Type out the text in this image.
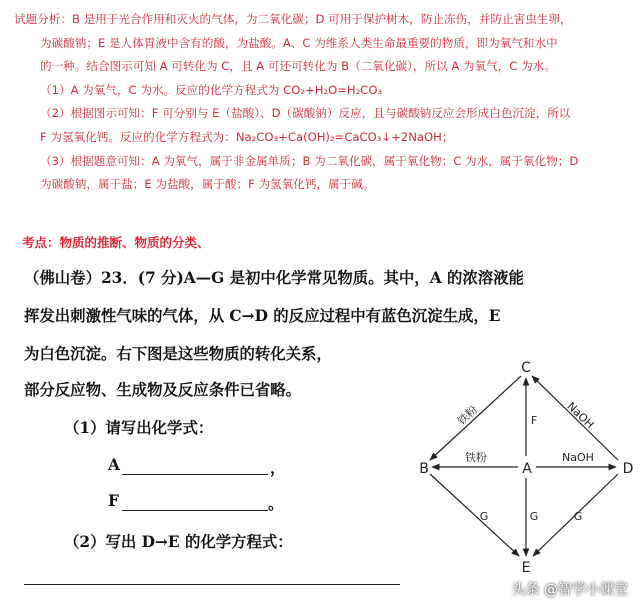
试题分析：B 是用于光合作用和灭火的气体，为二氧化碳；D 可用于保护树木，防止冻伤，并防止害虫生卵，
为碳酸钠；E 是人体胃液中含有的酸，为盐酸。A、C 为维系人类生命最重要的物质，即为氧气和水中
的一种。结合图示可知 A 可转化为 C，且 A 可还可转化为 B（二氧化碳），所以 A 为氧气，C 为水。
（1）A 为氧气，C 为水。反应的化学方程式为 CO₂+H₂O=H₂CO₃
（2）根据图示可知：F 可分别与 E（盐酸）、D（碳酸钠）反应，且与碳酸钠反应会形成白色沉淀，所以
F 为氢氧化钙。反应的化学方程式为：Na₂CO₃+Ca(OH)₂=CaCO₃↓+2NaOH；
（3）根据题意可知：A 为氧气，属于非金属单质；B 为二氧化碳，属于氧化物；C 为水，属于氧化物；D
为碳酸钠，属于盐；E 为盐酸，属于酸；F 为氢氧化钙，属于碱。
考点：物质的推断、物质的分类、
（佛山卷）23．(7 分)A—G 是初中化学常见物质。其中，A 的浓溶液能
挥发出刺激性气味的气体，从 C→D 的反应过程中有蓝色沉淀生成，E
为白色沉淀。右下图是这些物质的转化关系，
部分反应物、生成物及反应条件已省略。
（1）请写出化学式：
A	，
F	。
（2）写出 D→E 的化学方程式：
C
B	A	D
E
铁粉
铁粉
F NaOH
NaOH
G	G	G
头条 @智学小课堂
